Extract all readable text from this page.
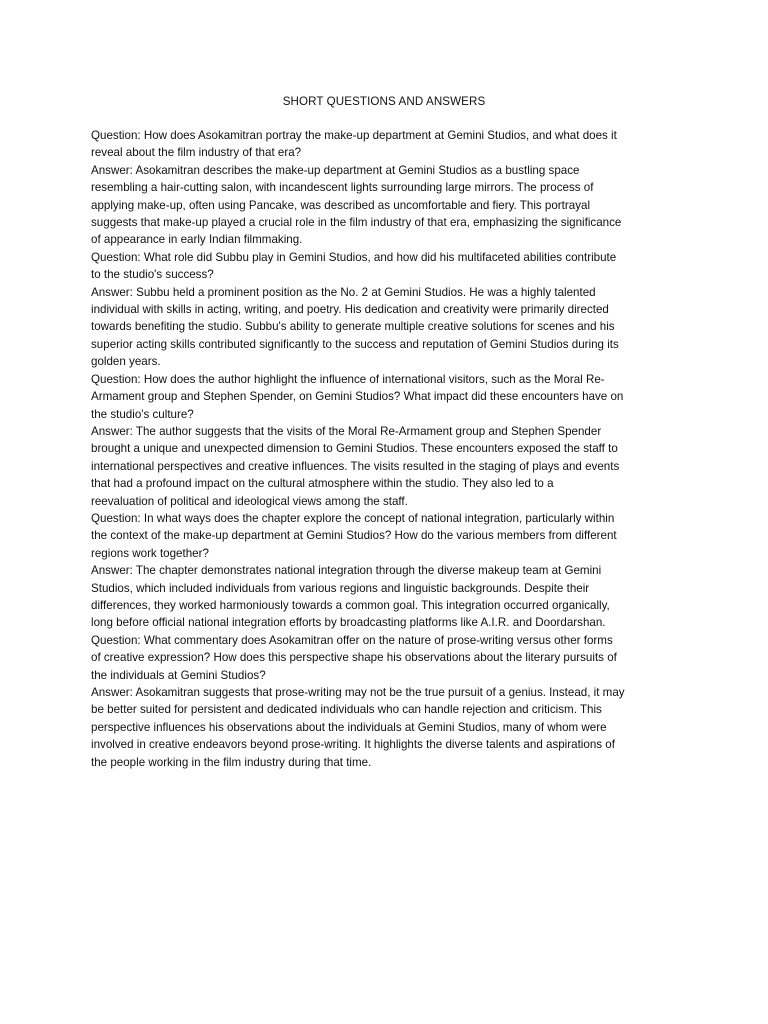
SHORT QUESTIONS AND ANSWERS
Question: How does Asokamitran portray the make-up department at Gemini Studios, and what does it
reveal about the film industry of that era?
Answer: Asokamitran describes the make-up department at Gemini Studios as a bustling space
resembling a hair-cutting salon, with incandescent lights surrounding large mirrors. The process of
applying make-up, often using Pancake, was described as uncomfortable and fiery. This portrayal
suggests that make-up played a crucial role in the film industry of that era, emphasizing the significance
of appearance in early Indian filmmaking.
Question: What role did Subbu play in Gemini Studios, and how did his multifaceted abilities contribute
to the studio's success?
Answer: Subbu held a prominent position as the No. 2 at Gemini Studios. He was a highly talented
individual with skills in acting, writing, and poetry. His dedication and creativity were primarily directed
towards benefiting the studio. Subbu's ability to generate multiple creative solutions for scenes and his
superior acting skills contributed significantly to the success and reputation of Gemini Studios during its
golden years.
Question: How does the author highlight the influence of international visitors, such as the Moral Re-
Armament group and Stephen Spender, on Gemini Studios? What impact did these encounters have on
the studio's culture?
Answer: The author suggests that the visits of the Moral Re-Armament group and Stephen Spender
brought a unique and unexpected dimension to Gemini Studios. These encounters exposed the staff to
international perspectives and creative influences. The visits resulted in the staging of plays and events
that had a profound impact on the cultural atmosphere within the studio. They also led to a
reevaluation of political and ideological views among the staff.
Question: In what ways does the chapter explore the concept of national integration, particularly within
the context of the make-up department at Gemini Studios? How do the various members from different
regions work together?
Answer: The chapter demonstrates national integration through the diverse makeup team at Gemini
Studios, which included individuals from various regions and linguistic backgrounds. Despite their
differences, they worked harmoniously towards a common goal. This integration occurred organically,
long before official national integration efforts by broadcasting platforms like A.I.R. and Doordarshan.
Question: What commentary does Asokamitran offer on the nature of prose-writing versus other forms
of creative expression? How does this perspective shape his observations about the literary pursuits of
the individuals at Gemini Studios?
Answer: Asokamitran suggests that prose-writing may not be the true pursuit of a genius. Instead, it may
be better suited for persistent and dedicated individuals who can handle rejection and criticism. This
perspective influences his observations about the individuals at Gemini Studios, many of whom were
involved in creative endeavors beyond prose-writing. It highlights the diverse talents and aspirations of
the people working in the film industry during that time.
